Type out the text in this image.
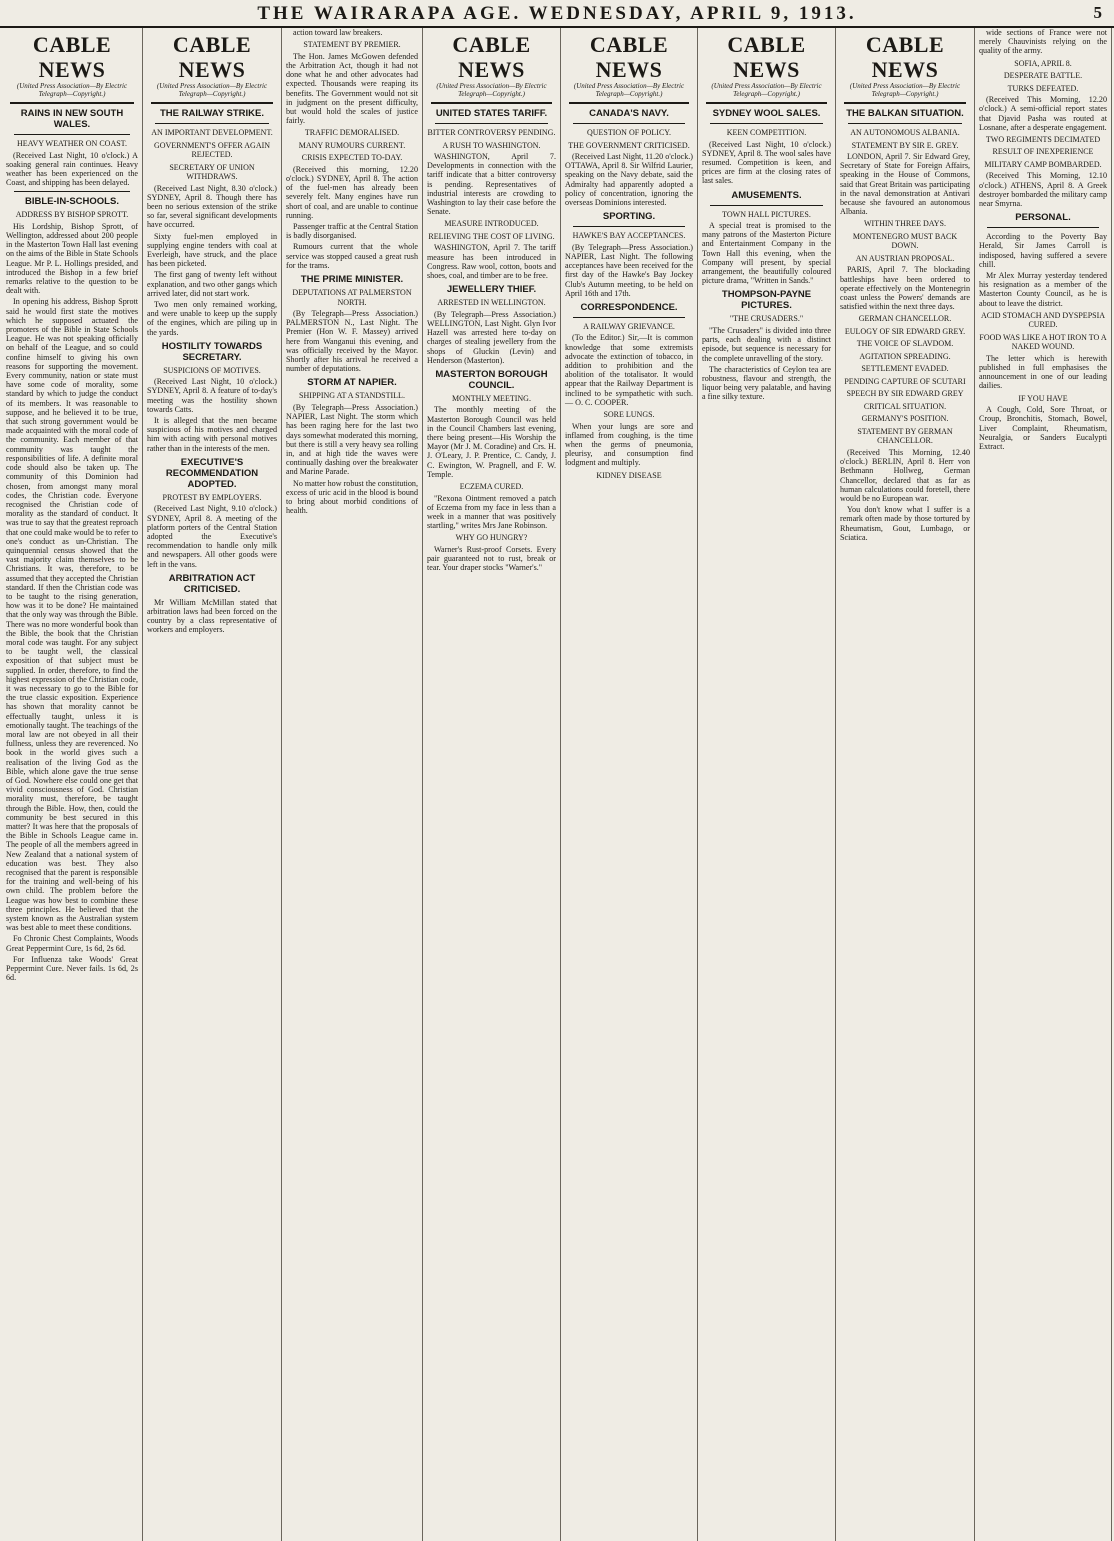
THE WAIRARAPA AGE. WEDNESDAY, APRIL 9, 1913.	5
CABLE NEWS

(United Press Association—By Electric Telegraph—Copyright.)

RAINS IN NEW SOUTH WALES.
HEAVY WEATHER ON COAST.

(Received Last Night, 10 o'clock.) A soaking general rain continues. Heavy weather has been experienced on the Coast, and shipping has been delayed.

BIBLE-IN-SCHOOLS.
ADDRESS BY BISHOP SPROTT.

His Lordship, Bishop Sprott, of Wellington, addressed about 200 people in the Masterton Town Hall last evening on the aims of the Bible in State Schools League. Mr P. L. Hollings presided, and introduced the Bishop in a few brief remarks relative to the question to be dealt with.

In opening his address, Bishop Sprott said he would first state the motives which he supposed actuated the promoters of the Bible in State Schools League. He was not speaking officially on behalf of the League, and so could confine himself to giving his own reasons for supporting the movement. Every community, nation or state must have some code of morality, some standard by which to judge the conduct of its members. It was reasonable to suppose, and he believed it to be true, that such strong government would be made acquainted with the moral code of the community. Each member of that community was taught the responsibilities of life. A definite moral code should also be taken up. The community of this Dominion had chosen, from amongst many moral codes, the Christian code. Everyone recognised the Christian code of morality as the standard of conduct. It was true to say that the greatest reproach that one could make would be to refer to one's conduct as un-Christian. The quinquennial census showed that the vast majority claim themselves to be Christians. It was, therefore, to be assumed that they accepted the Christian standard. If then the Christian code was to be taught to the rising generation, how was it to be done? He maintained that the only way was through the Bible. There was no more wonderful book than the Bible, the book that the Christian moral code was taught. For any subject to be taught well, the classical exposition of that subject must be supplied. In order, therefore, to find the highest expression of the Christian code, it was necessary to go to the Bible for the true classic exposition. Experience has shown that morality cannot be effectually taught, unless it is emotionally taught. The teachings of the moral law are not obeyed in all their fullness, unless they are reverenced. No book in the world gives such a realisation of the living God as the Bible, which alone gave the true sense of God. Nowhere else could one get that vivid consciousness of God. Christian morality must, therefore, be taught through the Bible. How, then, could the community be best secured in this matter? It was here that the proposals of the Bible in Schools League came in. The people of all the members agreed in New Zealand that a national system of education was best. They also recognised that the parent is responsible for the training and well-being of his own child. The problem before the League was how best to combine these three principles. He believed that the system known as the Australian system was best able to meet these conditions.

Fo Chronic Chest Complaints, Woods Great Peppermint Cure, 1s 6d, 2s 6d.

For Influenza take Woods' Great Peppermint Cure. Never fails. 1s 6d, 2s 6d.

CABLE NEWS

(United Press Association—By Electric Telegraph—Copyright.)

THE RAILWAY STRIKE.
AN IMPORTANT DEVELOPMENT.
GOVERNMENT'S OFFER AGAIN REJECTED.
SECRETARY OF UNION WITHDRAWS.

(Received Last Night, 8.30 o'clock.) SYDNEY, April 8. Though there has been no serious extension of the strike so far, several significant developments have occurred.

Sixty fuel-men employed in supplying engine tenders with coal at Everleigh, have struck, and the place has been picketed.

The first gang of twenty left without explanation, and two other gangs which arrived later, did not start work.

Two men only remained working, and were unable to keep up the supply of the engines, which are piling up in the yards.

HOSTILITY TOWARDS SECRETARY.
SUSPICIONS OF MOTIVES.

(Received Last Night, 10 o'clock.) SYDNEY, April 8. A feature of to-day's meeting was the hostility shown towards Catts.

It is alleged that the men became suspicious of his motives and charged him with acting with personal motives rather than in the interests of the men.

EXECUTIVE'S RECOMMENDATION ADOPTED.
PROTEST BY EMPLOYERS.

(Received Last Night, 9.10 o'clock.) SYDNEY, April 8. A meeting of the platform porters of the Central Station adopted the Executive's recommendation to handle only milk and newspapers. All other goods were left in the vans.

ARBITRATION ACT CRITICISED.

Mr William McMillan stated that arbitration laws had been forced on the country by a class representative of workers and employers.

action toward law breakers.

STATEMENT BY PREMIER.

The Hon. James McGowen defended the Arbitration Act, though it had not done what he and other advocates had expected. Thousands were reaping its benefits. The Government would not sit in judgment on the present difficulty, but would hold the scales of justice fairly.

TRAFFIC DEMORALISED.
MANY RUMOURS CURRENT.
CRISIS EXPECTED TO-DAY.

(Received this morning, 12.20 o'clock.) SYDNEY, April 8. The action of the fuel-men has already been severely felt. Many engines have run short of coal, and are unable to continue running.

Passenger traffic at the Central Station is badly disorganised.

Rumours current that the whole service was stopped caused a great rush for the trams.

THE PRIME MINISTER.
DEPUTATIONS AT PALMERSTON NORTH.

(By Telegraph—Press Association.) PALMERSTON N., Last Night. The Premier (Hon W. F. Massey) arrived here from Wanganui this evening, and was officially received by the Mayor. Shortly after his arrival he received a number of deputations.

STORM AT NAPIER.
SHIPPING AT A STANDSTILL.

(By Telegraph—Press Association.) NAPIER, Last Night. The storm which has been raging here for the last two days somewhat moderated this morning, but there is still a very heavy sea rolling in, and at high tide the waves were continually dashing over the breakwater and Marine Parade.

No matter how robust the constitution, excess of uric acid in the blood is bound to bring about morbid conditions of health.

CABLE NEWS

(United Press Association—By Electric Telegraph—Copyright.)

UNITED STATES TARIFF.
BITTER CONTROVERSY PENDING.
A RUSH TO WASHINGTON.

WASHINGTON, April 7. Developments in connection with the tariff indicate that a bitter controversy is pending. Representatives of industrial interests are crowding to Washington to lay their case before the Senate.

MEASURE INTRODUCED.
RELIEVING THE COST OF LIVING.

WASHINGTON, April 7. The tariff measure has been introduced in Congress. Raw wool, cotton, boots and shoes, coal, and timber are to be free.

JEWELLERY THIEF.
ARRESTED IN WELLINGTON.

(By Telegraph—Press Association.) WELLINGTON, Last Night. Glyn Ivor Hazell was arrested here to-day on charges of stealing jewellery from the shops of Gluckin (Levin) and Henderson (Masterton).

MASTERTON BOROUGH COUNCIL.
MONTHLY MEETING.

The monthly meeting of the Masterton Borough Council was held in the Council Chambers last evening, there being present—His Worship the Mayor (Mr J. M. Coradine) and Crs. H. J. O'Leary, J. P. Prentice, C. Candy, J. C. Ewington, W. Pragnell, and F. W. Temple.

ECZEMA CURED.

"Rexona Ointment removed a patch of Eczema from my face in less than a week in a manner that was positively startling," writes Mrs Jane Robinson.

WHY GO HUNGRY?

Warner's Rust-proof Corsets. Every pair guaranteed not to rust, break or tear. Your draper stocks "Warner's."

CABLE NEWS

(United Press Association—By Electric Telegraph—Copyright.)

CANADA'S NAVY.
QUESTION OF POLICY.
THE GOVERNMENT CRITICISED.

(Received Last Night, 11.20 o'clock.) OTTAWA, April 8. Sir Wilfrid Laurier, speaking on the Navy debate, said the Admiralty had apparently adopted a policy of concentration, ignoring the overseas Dominions interested.

SPORTING.
HAWKE'S BAY ACCEPTANCES.

(By Telegraph—Press Association.) NAPIER, Last Night. The following acceptances have been received for the first day of the Hawke's Bay Jockey Club's Autumn meeting, to be held on April 16th and 17th.

CORRESPONDENCE.
A RAILWAY GRIEVANCE.

(To the Editor.) Sir,—It is common knowledge that some extremists advocate the extinction of tobacco, in addition to prohibition and the abolition of the totalisator. It would appear that the Railway Department is inclined to be sympathetic with such. — O. C. COOPER.

SORE LUNGS.

When your lungs are sore and inflamed from coughing, is the time when the germs of pneumonia, pleurisy, and consumption find lodgment and multiply.

KIDNEY DISEASE
CABLE NEWS

(United Press Association—By Electric Telegraph—Copyright.)

SYDNEY WOOL SALES.
KEEN COMPETITION.

(Received Last Night, 10 o'clock.) SYDNEY, April 8. The wool sales have resumed. Competition is keen, and prices are firm at the closing rates of last sales.

AMUSEMENTS.
TOWN HALL PICTURES.

A special treat is promised to the many patrons of the Masterton Picture and Entertainment Company in the Town Hall this evening, when the Company will present, by special arrangement, the beautifully coloured picture drama, "Written in Sands."

THOMPSON-PAYNE PICTURES.
"THE CRUSADERS."

"The Crusaders" is divided into three parts, each dealing with a distinct episode, but sequence is necessary for the complete unravelling of the story.

The characteristics of Ceylon tea are robustness, flavour and strength, the liquor being very palatable, and having a fine silky texture.

CABLE NEWS

(United Press Association—By Electric Telegraph—Copyright.)

THE BALKAN SITUATION.
AN AUTONOMOUS ALBANIA.
STATEMENT BY SIR E. GREY.

LONDON, April 7. Sir Edward Grey, Secretary of State for Foreign Affairs, speaking in the House of Commons, said that Great Britain was participating in the naval demonstration at Antivari because she favoured an autonomous Albania.

WITHIN THREE DAYS.
MONTENEGRO MUST BACK DOWN.
AN AUSTRIAN PROPOSAL.

PARIS, April 7. The blockading battleships have been ordered to operate effectively on the Montenegrin coast unless the Powers' demands are satisfied within the next three days.

GERMAN CHANCELLOR.
EULOGY OF SIR EDWARD GREY.
THE VOICE OF SLAVDOM.
AGITATION SPREADING.
SETTLEMENT EVADED.
PENDING CAPTURE OF SCUTARI
SPEECH BY SIR EDWARD GREY
CRITICAL SITUATION.
GERMANY'S POSITION.
STATEMENT BY GERMAN CHANCELLOR.

(Received This Morning, 12.40 o'clock.) BERLIN, April 8. Herr von Bethmann Hollweg, German Chancellor, declared that as far as human calculations could foretell, there would be no European war.

You don't know what I suffer is a remark often made by those tortured by Rheumatism, Gout, Lumbago, or Sciatica.

wide sections of France were not merely Chauvinists relying on the quality of the army.

SOFIA, APRIL 8.
DESPERATE BATTLE.
TURKS DEFEATED.

(Received This Morning, 12.20 o'clock.) A semi-official report states that Djavid Pasha was routed at Losnane, after a desperate engagement.

TWO REGIMENTS DECIMATED
RESULT OF INEXPERIENCE
MILITARY CAMP BOMBARDED.

(Received This Morning, 12.10 o'clock.) ATHENS, April 8. A Greek destroyer bombarded the military camp near Smyrna.

PERSONAL.

According to the Poverty Bay Herald, Sir James Carroll is indisposed, having suffered a severe chill.

Mr Alex Murray yesterday tendered his resignation as a member of the Masterton County Council, as he is about to leave the district.

ACID STOMACH AND DYSPEPSIA CURED.
FOOD WAS LIKE A HOT IRON TO A NAKED WOUND.

The letter which is herewith published in full emphasises the announcement in one of our leading dailies.

IF YOU HAVE

A Cough, Cold, Sore Throat, or Croup, Bronchitis, Stomach, Bowel, Liver Complaint, Rheumatism, Neuralgia, or Sanders Eucalypti Extract.
